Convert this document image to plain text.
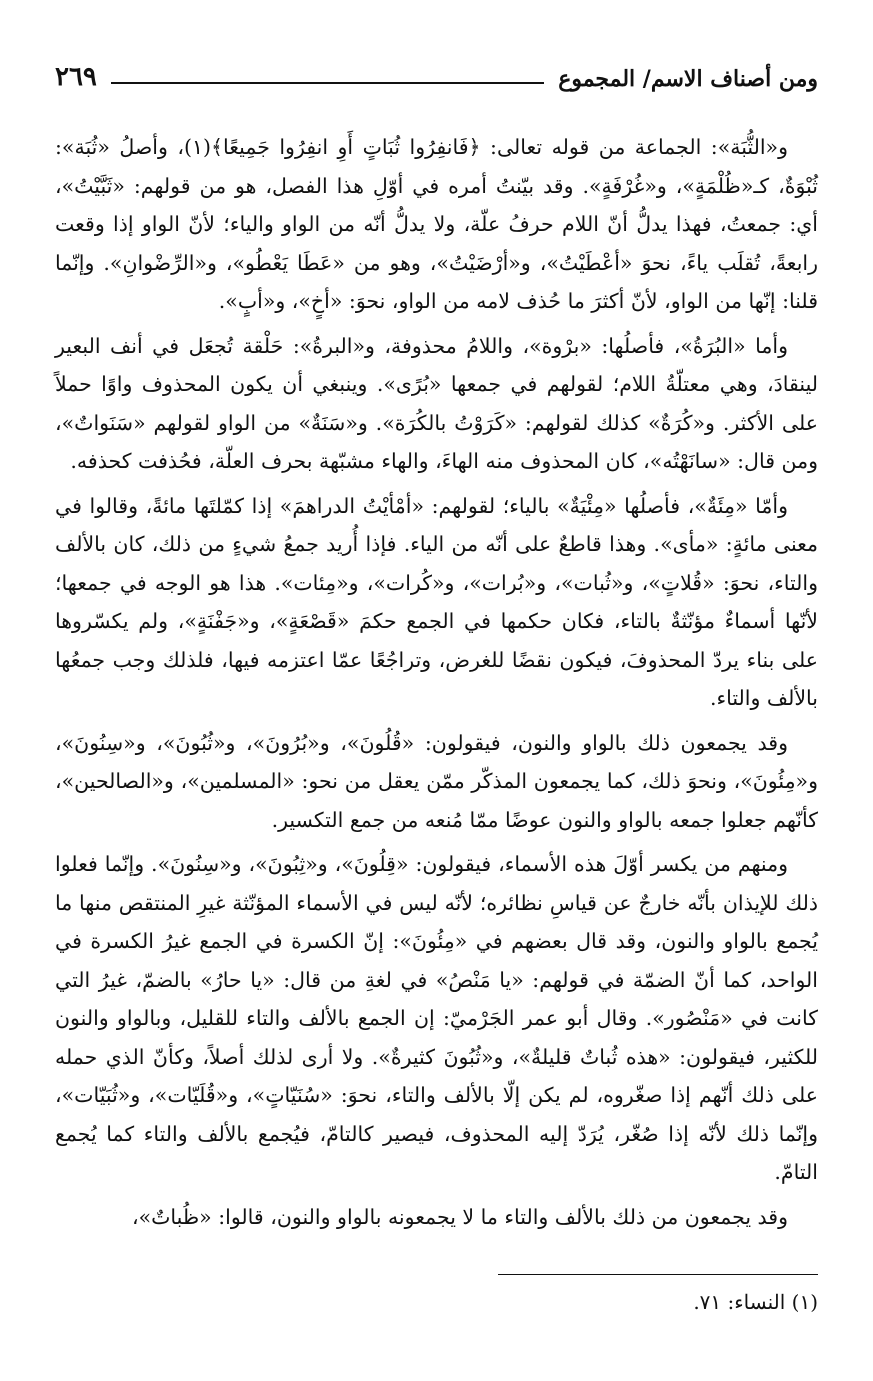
ومن أصناف الاسم/ المجموع
٢٦٩

و«الثُّبَة»: الجماعة من قوله تعالى: ﴿فَانفِرُوا ثُبَاتٍ أَوِ انفِرُوا جَمِيعًا﴾(١)، وأصلُ «ثُبَة»: ثُبْوَةٌ، كـ«ظُلْمَةٍ»، و«غُرْفَةٍ». وقد بيّنتُ أمره في أوّلِ هذا الفصل، هو من قولهم: «ثَبَّيْتُ»، أي: جمعتُ، فهذا يدلُّ أنّ اللام حرفُ علّة، ولا يدلُّ أنّه من الواو والياء؛ لأنّ الواو إذا وقعت رابعةً، تُقلَب ياءً، نحوَ «أعْطَيْتُ»، و«أرْضَيْتُ»، وهو من «عَطَا يَعْطُو»، و«الرِّضْوانِ». وإنّما قلنا: إنّها من الواو، لأنّ أكثرَ ما حُذف لامه من الواو، نحوَ: «أخٍ»، و«أبٍ».

وأما «البُرَةُ»، فأصلُها: «برْوة»، واللامُ محذوفة، و«البرةُ»: حَلْقة تُجعَل في أنف البعير لينقادَ، وهي معتلّةُ اللام؛ لقولهم في جمعها «بُرًى». وينبغي أن يكون المحذوف واوًا حملاً على الأكثر. و«كُرَةٌ» كذلك لقولهم: «كَرَوْتُ بالكُرَة». و«سَنَةٌ» من الواو لقولهم «سَنَواتٌ»، ومن قال: «سانَهْتُه»، كان المحذوف منه الهاءَ، والهاء مشبّهة بحرف العلّة، فحُذفت كحذفه.

وأمّا «مِئَةٌ»، فأصلُها «مِئْيَةٌ» بالياء؛ لقولهم: «أمْأيْتُ الدراهمَ» إذا كمّلتَها مائةً، وقالوا في معنى مائةٍ: «مأى». وهذا قاطعٌ على أنّه من الياء. فإذا أُريد جمعُ شيءٍ من ذلك، كان بالألف والتاء، نحوَ: «قُلاتٍ»، و«ثُبات»، و«بُرات»، و«كُرات»، و«مِئات». هذا هو الوجه في جمعها؛ لأنّها أسماءٌ مؤنّثةٌ بالتاء، فكان حكمها في الجمع حكمَ «قَصْعَةٍ»، و«جَفْنَةٍ»، ولم يكسّروها على بناء يردّ المحذوفَ، فيكون نقضًا للغرض، وتراجُعًا عمّا اعتزمه فيها، فلذلك وجب جمعُها بالألف والتاء.

وقد يجمعون ذلك بالواو والنون، فيقولون: «قُلُونَ»، و«بُرُونَ»، و«ثُبُونَ»، و«سِنُونَ»، و«مِئُونَ»، ونحوَ ذلك، كما يجمعون المذكّر ممّن يعقل من نحو: «المسلمين»، و«الصالحين»، كأنّهم جعلوا جمعه بالواو والنون عوضًا ممّا مُنعه من جمع التكسير.

ومنهم من يكسر أوّلَ هذه الأسماء، فيقولون: «قِلُونَ»، و«ثِبُونَ»، و«سِنُونَ». وإنّما فعلوا ذلك للإيذان بأنّه خارجٌ عن قياسِ نظائره؛ لأنّه ليس في الأسماء المؤنّثة غيرِ المنتقص منها ما يُجمع بالواو والنون، وقد قال بعضهم في «مِئُونَ»: إنّ الكسرة في الجمع غيرُ الكسرة في الواحد، كما أنّ الضمّة في قولهم: «يا مَنْصُ» في لغةِ من قال: «يا حارُ» بالضمّ، غيرُ التي كانت في «مَنْصُور». وقال أبو عمر الجَرْميّ: إن الجمع بالألف والتاء للقليل، وبالواو والنون للكثير، فيقولون: «هذه ثُباتٌ قليلةٌ»، و«ثُبُونَ كثيرةٌ». ولا أرى لذلك أصلاً، وكأنّ الذي حمله على ذلك أنّهم إذا صغّروه، لم يكن إلّا بالألف والتاء، نحوَ: «سُنَيّاتٍ»، و«قُلَيّات»، و«ثُبَيّات»، وإنّما ذلك لأنّه إذا صُغّر، يُرَدّ إليه المحذوف، فيصير كالتامّ، فيُجمع بالألف والتاء كما يُجمع التامّ.

وقد يجمعون من ذلك بالألف والتاء ما لا يجمعونه بالواو والنون، قالوا: «ظُباتٌ»،

(١) النساء: ٧١.
